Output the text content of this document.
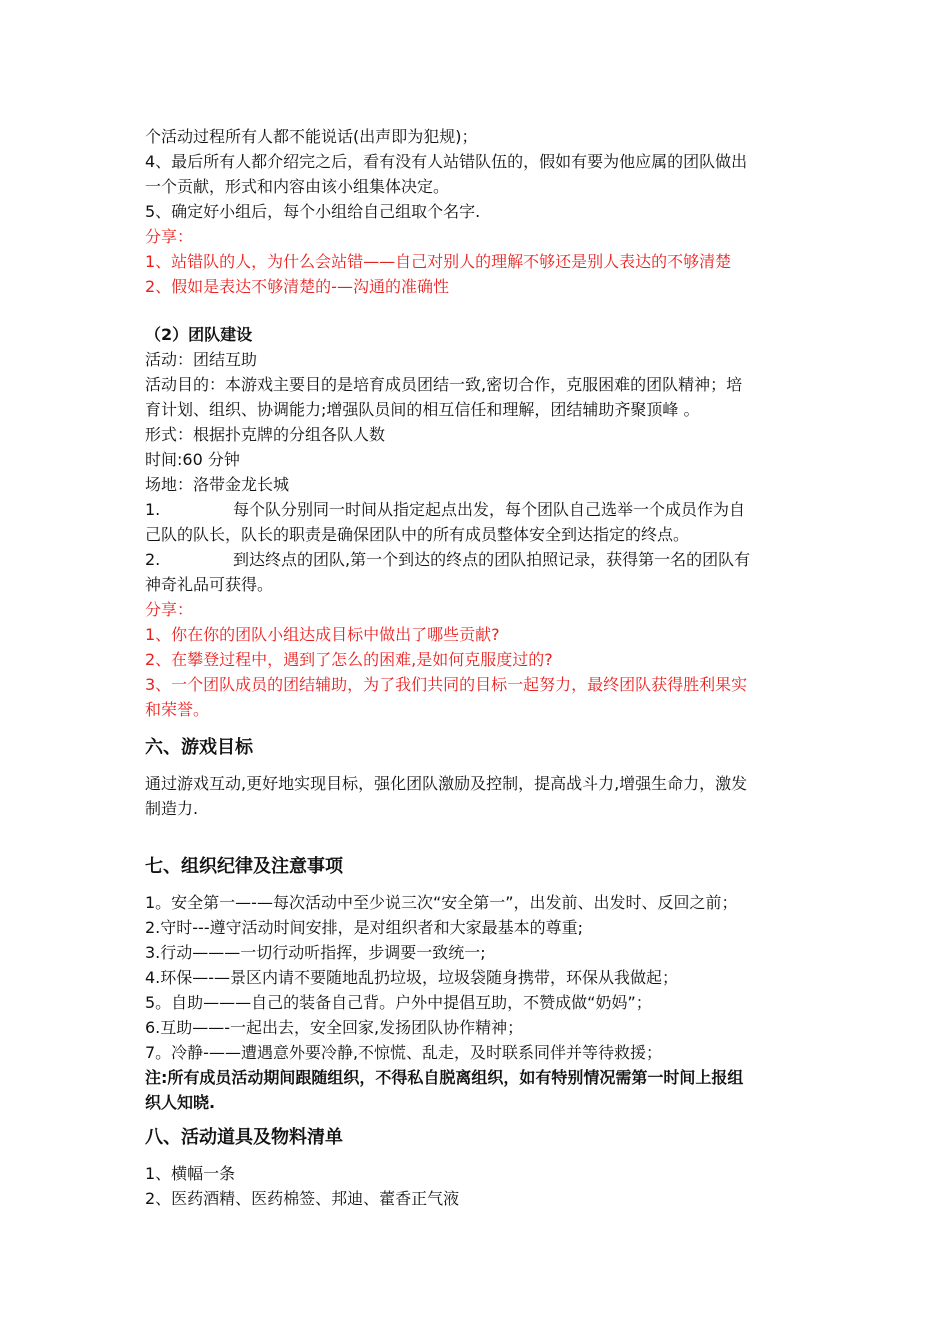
个活动过程所有人都不能说话(出声即为犯规)；
4、最后所有人都介绍完之后，看有没有人站错队伍的，假如有要为他应属的团队做出
一个贡献，形式和内容由该小组集体决定。
5、确定好小组后，每个小组给自己组取个名字.
分享：
1、站错队的人，为什么会站错——自己对别人的理解不够还是别人表达的不够清楚
2、假如是表达不够清楚的-—沟通的准确性
（2）团队建设
活动：团结互助
活动目的：本游戏主要目的是培育成员团结一致,密切合作，克服困难的团队精神；培
育计划、组织、协调能力;增强队员间的相互信任和理解，团结辅助齐聚顶峰 。
形式：根据扑克牌的分组各队人数
时间:60 分钟
场地：洛带金龙长城
1.	每个队分别同一时间从指定起点出发，每个团队自己选举一个成员作为自
己队的队长，队长的职责是确保团队中的所有成员整体安全到达指定的终点。
2.	到达终点的团队,第一个到达的终点的团队拍照记录，获得第一名的团队有
神奇礼品可获得。
分享：
1、你在你的团队小组达成目标中做出了哪些贡献?
2、在攀登过程中，遇到了怎么的困难,是如何克服度过的?
3、一个团队成员的团结辅助，为了我们共同的目标一起努力，最终团队获得胜利果实
和荣誉。
六、游戏目标
通过游戏互动,更好地实现目标，强化团队激励及控制，提高战斗力,增强生命力，激发
制造力.
七、组织纪律及注意事项
1。安全第一—-—每次活动中至少说三次“安全第一”，出发前、出发时、反回之前；
2.守时---遵守活动时间安排，是对组织者和大家最基本的尊重;
3.行动———一切行动听指挥，步调要一致统一;
4.环保—-—景区内请不要随地乱扔垃圾，垃圾袋随身携带，环保从我做起；
5。自助———自己的装备自己背。户外中提倡互助，不赞成做“奶妈”；
6.互助——-一起出去，安全回家,发扬团队协作精神；
7。冷静-——遭遇意外要冷静,不惊慌、乱走，及时联系同伴并等待救援；
注:所有成员活动期间跟随组织，不得私自脱离组织，如有特别情况需第一时间上报组
织人知晓.
八、活动道具及物料清单
1、横幅一条
2、医药酒精、医药棉签、邦迪、藿香正气液
